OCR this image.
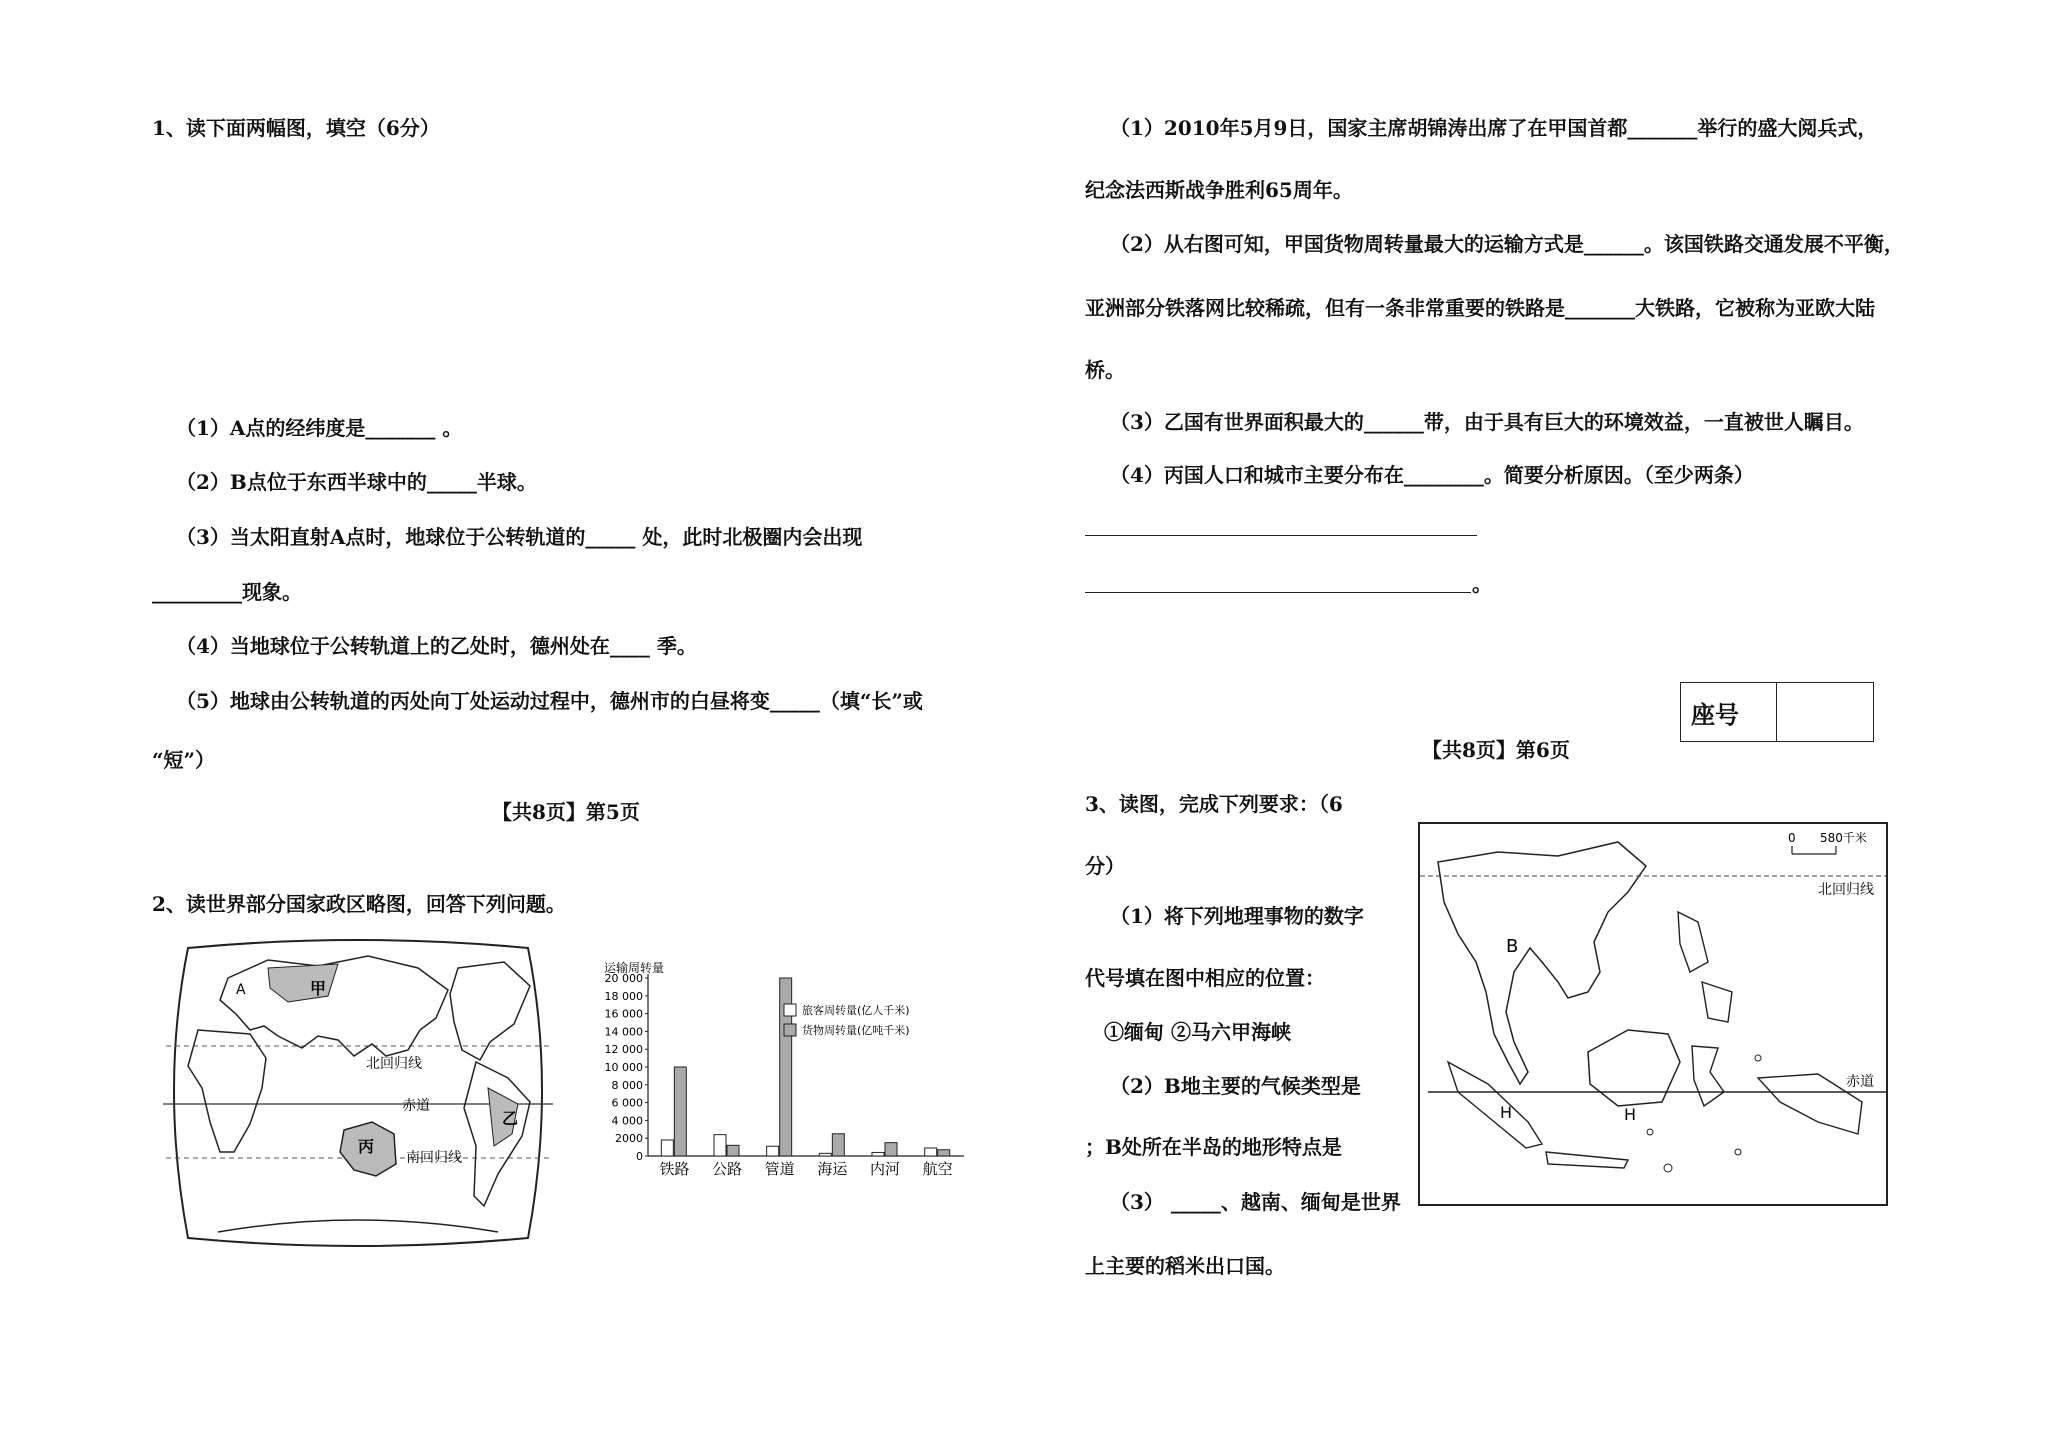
1、读下面两幅图，填空（6分）
（1）A点的经纬度是_______ 。
（2）B点位于东西半球中的_____半球。
（3）当太阳直射A点时，地球位于公转轨道的_____ 处，此时北极圈内会出现
_________现象。
（4）当地球位于公转轨道上的乙处时，德州处在____ 季。
（5）地球由公转轨道的丙处向丁处运动过程中，德州市的白昼将变_____（填“长”或
“短”）
【共8页】第5页
2、读世界部分国家政区略图，回答下列问题。
甲
A
乙
丙
北回归线
赤道
南回归线
运输周转量
0
2000
4 000
6 000
8 000
10 000
12 000
14 000
16 000
18 000
20 000
铁路 公路 管道 海运 内河 航空
旅客周转量(亿人千米)
货物周转量(亿吨千米)
（1）2010年5月9日，国家主席胡锦涛出席了在甲国首都_______举行的盛大阅兵式，
纪念法西斯战争胜利65周年。
（2）从右图可知，甲国货物周转量最大的运输方式是______。该国铁路交通发展不平衡，
亚洲部分铁落网比较稀疏，但有一条非常重要的铁路是_______大铁路，它被称为亚欧大陆
桥。
（3）乙国有世界面积最大的______带，由于具有巨大的环境效益，一直被世人瞩目。
（4）丙国人口和城市主要分布在________。简要分析原因。（至少两条）
。
座号
【共8页】第6页
3、读图，完成下列要求：（6
分）
（1）将下列地理事物的数字
代号填在图中相应的位置：
①缅甸 ②马六甲海峡
（2）B地主要的气候类型是
；B处所在半岛的地形特点是
（3） _____、越南、缅甸是世界
上主要的稻米出口国。
0 580千米
北回归线
赤道
B
H	H
